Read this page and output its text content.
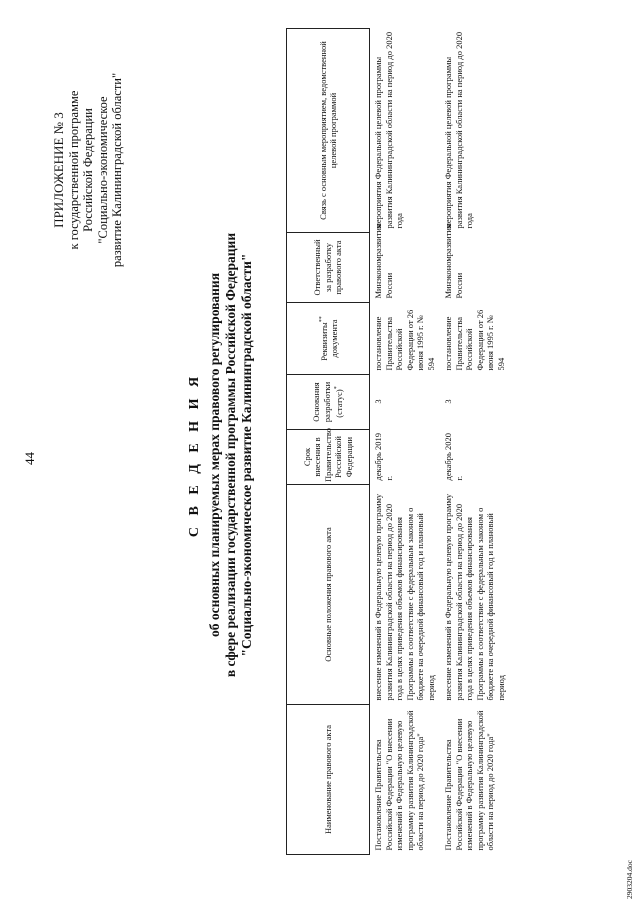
44
ПРИЛОЖЕНИЕ № 3 к государственной программе Российской Федерации "Социально-экономическое развитие Калининградской области"
С В Е Д Е Н И Я об основных планируемых мерах правового регулирования в сфере реализации государственной программы Российской Федерации "Социально-экономическое развитие Калининградской области"
Наименование правового акта	Основные положения правового акта	Срок внесения в Правительство Российской Федерации	Основания разработки (статус)*	Реквизиты** документа	Ответственный за разработку правового акта	Связь с основным мероприятием, ведомственной целевой программой
Постановление Правительства Российской Федерации "О внесении изменений в Федеральную целевую программу развития Калининградской области на период до 2020 года"	внесение изменений в Федеральную целевую программу развития Калининградской области на период до 2020 года в целях приведения объемов финансирования Программы в соответствие с федеральным законом о бюджете на очередной финансовый год и плановый период	декабрь 2019 г.	3	постановление Правительства Российской Федерации от 26 июня 1995 г. № 594	Минэкономразвития России	мероприятия Федеральной целевой программы развития Калининградской области на период до 2020 года
Постановление Правительства Российской Федерации "О внесении изменений в Федеральную целевую программу развития Калининградской области на период до 2020 года"	внесение изменений в Федеральную целевую программу развития Калининградской области на период до 2020 года в целях приведения объемов финансирования Программы в соответствие с федеральным законом о бюджете на очередной финансовый год и плановый период	декабрь 2020 г.	3	постановление Правительства Российской Федерации от 26 июня 1995 г. № 594	Минэкономразвития России	мероприятия Федеральной целевой программы развития Калининградской области на период до 2020 года
2903204.doc
